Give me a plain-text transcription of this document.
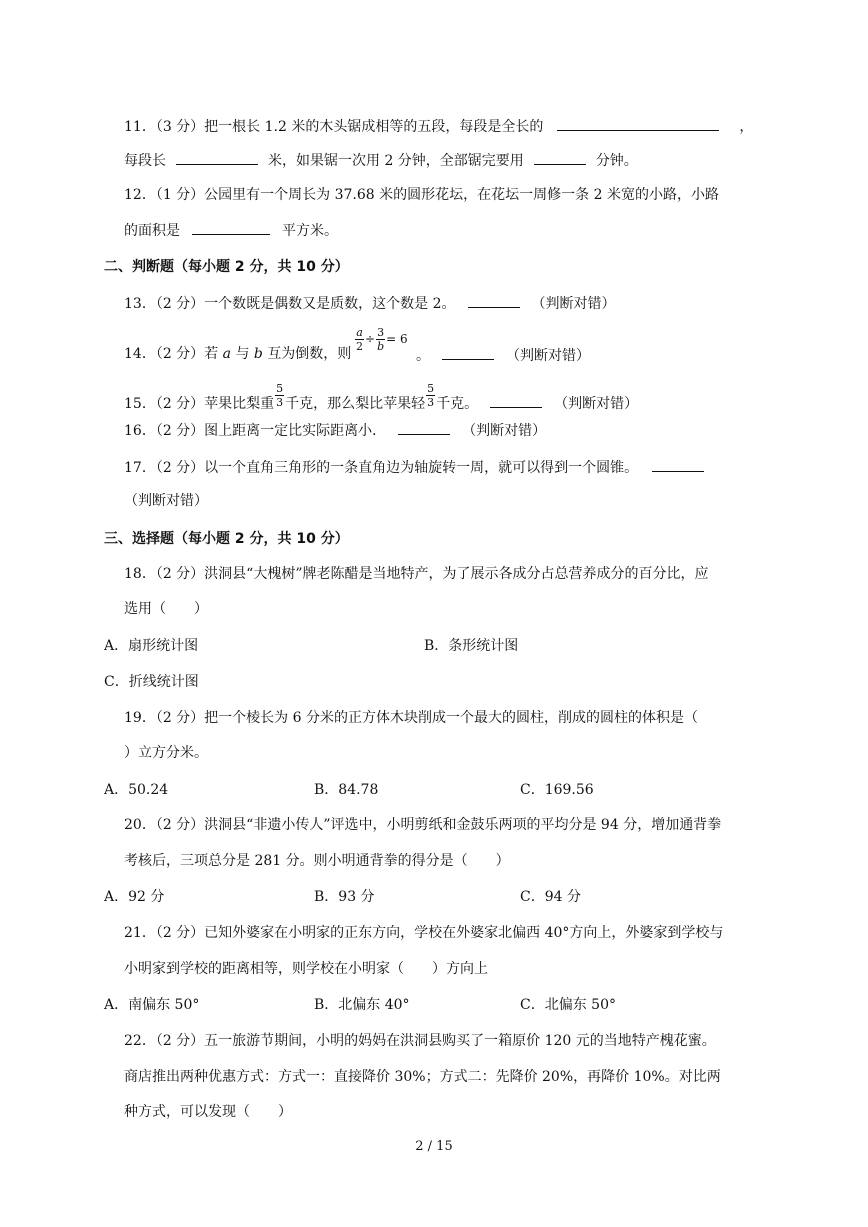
11．（3 分）把一根长 1.2 米的木头锯成相等的五段，每段是全长的	，
每段长	米，如果锯一次用 2 分钟，全部锯完要用	分钟。
12．（1 分）公园里有一个周长为 37.68 米的圆形花坛，在花坛一周修一条 2 米宽的小路，小路
的面积是	平方米。
二、判断题（每小题 2 分，共 10 分）
13．（2 分）一个数既是偶数又是质数，这个数是 2。	（判断对错）
14．（2 分）若 a 与 b 互为倒数，则
$\frac{a}{2} \div \frac{3}{b} = 6$
。	（判断对错）
15．（2 分）苹果比梨重 $\frac{5}{3}$ 千克，那么梨比苹果轻 $\frac{5}{3}$ 千克。	（判断对错）
16．（2 分）图上距离一定比实际距离小．	（判断对错）
17．（2 分）以一个直角三角形的一条直角边为轴旋转一周，就可以得到一个圆锥。
（判断对错）
三、选择题（每小题 2 分，共 10 分）
18．（2 分）洪洞县“大槐树”牌老陈醋是当地特产，为了展示各成分占总营养成分的百分比，应
选用（　　）
A．扇形统计图	B．条形统计图
C．折线统计图
19．（2 分）把一个棱长为 6 分米的正方体木块削成一个最大的圆柱，削成的圆柱的体积是（
）立方分米。
A．50.24	B．84.78	C．169.56
20．（2 分）洪洞县“非遗小传人”评选中，小明剪纸和金鼓乐两项的平均分是 94 分，增加通背拳
考核后，三项总分是 281 分。则小明通背拳的得分是（　　）
A．92 分	B．93 分	C．94 分
21．（2 分）已知外婆家在小明家的正东方向，学校在外婆家北偏西 40°方向上，外婆家到学校与
小明家到学校的距离相等，则学校在小明家（　　）方向上
A．南偏东 50°	B．北偏东 40°	C．北偏东 50°
22．（2 分）五一旅游节期间，小明的妈妈在洪洞县购买了一箱原价 120 元的当地特产槐花蜜。
商店推出两种优惠方式：方式一：直接降价 30%；方式二：先降价 20%，再降价 10%。对比两
种方式，可以发现（　　）
2 / 15
